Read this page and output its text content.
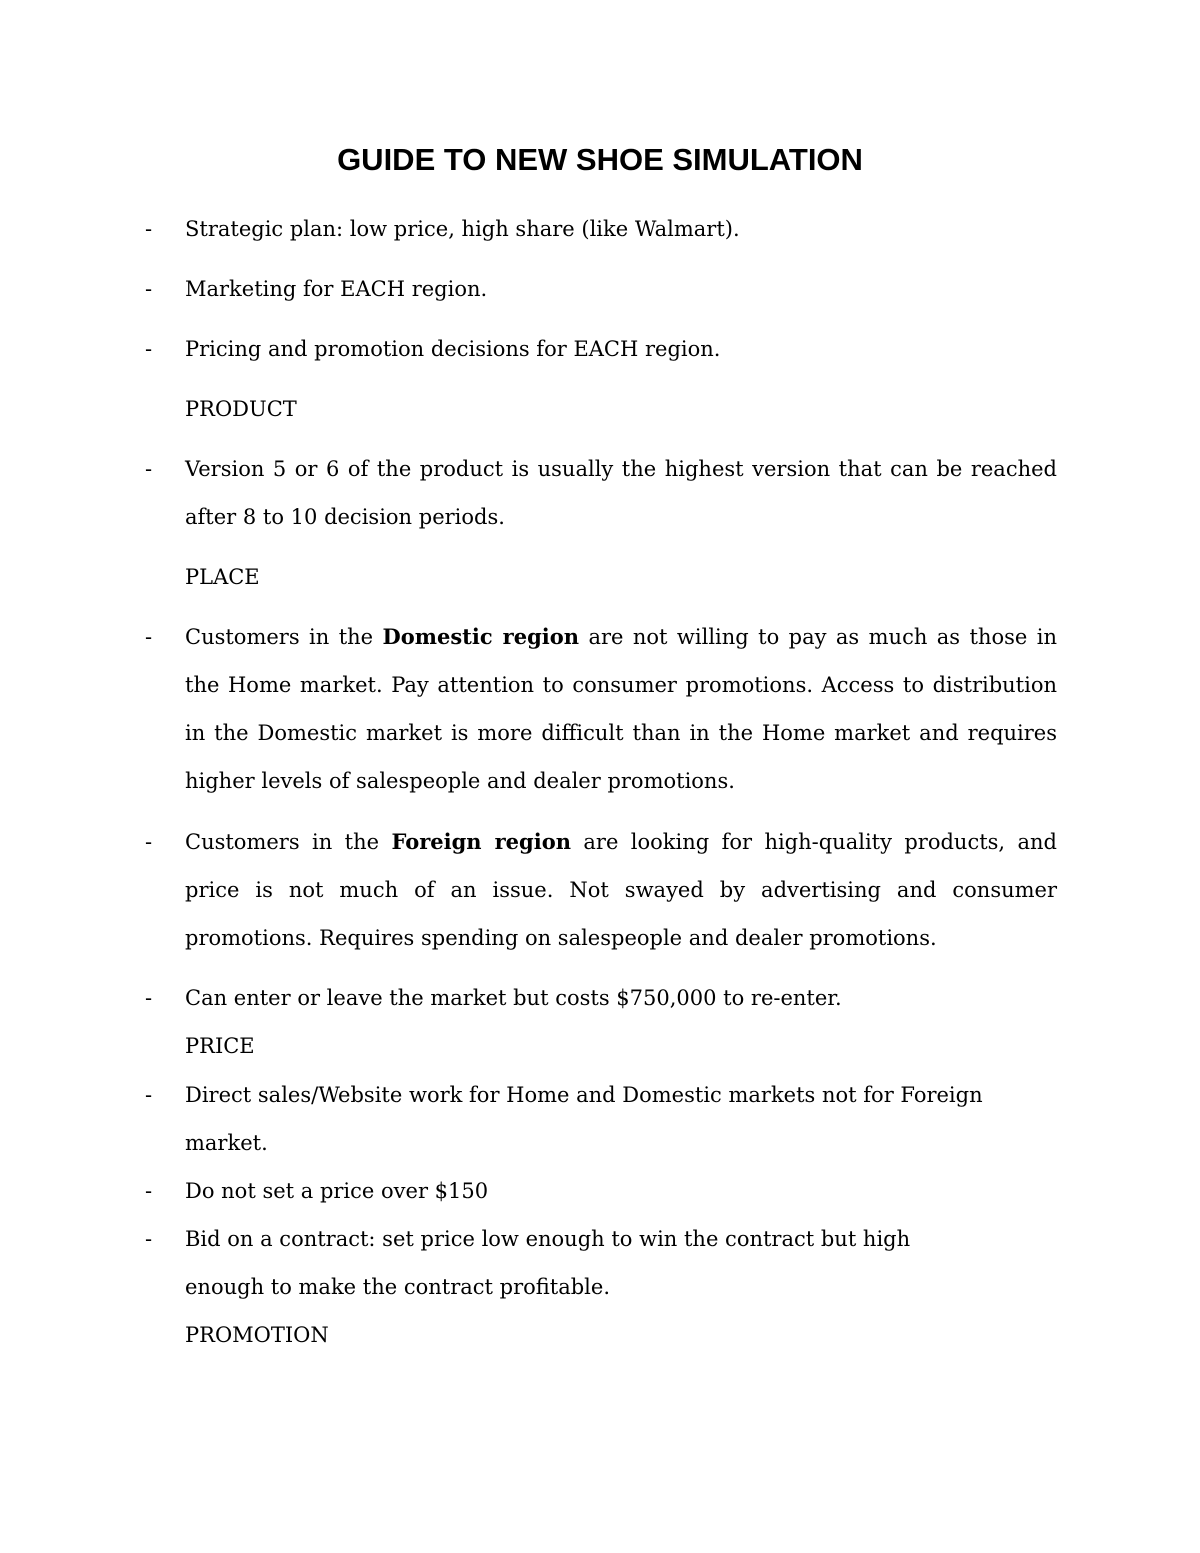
GUIDE TO NEW SHOE SIMULATION
-	Strategic plan: low price, high share (like Walmart).
-	Marketing for EACH region.
-	Pricing and promotion decisions for EACH region.
PRODUCT
-	Version 5 or 6 of the product is usually the highest version that can be reached after 8 to 10 decision periods.
PLACE
-	Customers in the Domestic region are not willing to pay as much as those in the Home market. Pay attention to consumer promotions. Access to distribution in the Domestic market is more difficult than in the Home market and requires higher levels of salespeople and dealer promotions.
-	Customers in the Foreign region are looking for high-quality products, and price is not much of an issue. Not swayed by advertising and consumer promotions. Requires spending on salespeople and dealer promotions.
-	Can enter or leave the market but costs $750,000 to re-enter.
PRICE
-	Direct sales/Website work for Home and Domestic markets not for Foreign market.
-	Do not set a price over $150
-	Bid on a contract: set price low enough to win the contract but high
enough to make the contract profitable.
PROMOTION
